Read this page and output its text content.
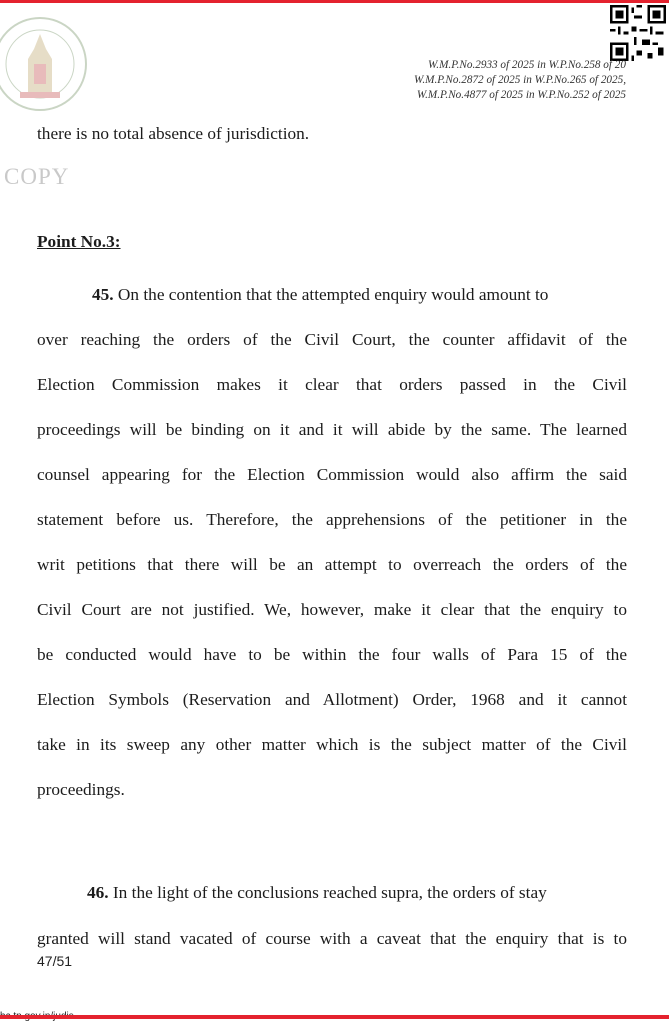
COPY
W.M.P.No.2933 of 2025 in W.P.No.258 of 20
W.M.P.No.2872 of 2025 in W.P.No.265 of 2025,
W.M.P.No.4877 of 2025 in W.P.No.252 of 2025
there is no total absence of jurisdiction.
Point No.3:
45. On the contention that the attempted enquiry would amount to
over reaching the orders of the Civil Court, the counter affidavit of the
Election Commission makes it clear that orders passed in the Civil
proceedings will be binding on it and it will abide by the same. The learned
counsel appearing for the Election Commission would also affirm the said
statement before us. Therefore, the apprehensions of the petitioner in the
writ petitions that there will be an attempt to overreach the orders of the
Civil Court are not justified. We, however, make it clear that the enquiry to
be conducted would have to be within the four walls of Para 15 of the
Election Symbols (Reservation and Allotment) Order, 1968 and it cannot
take in its sweep any other matter which is the subject matter of the Civil
proceedings.
46. In the light of the conclusions reached supra, the orders of stay
granted will stand vacated of course with a caveat that the enquiry that is to
47/51
